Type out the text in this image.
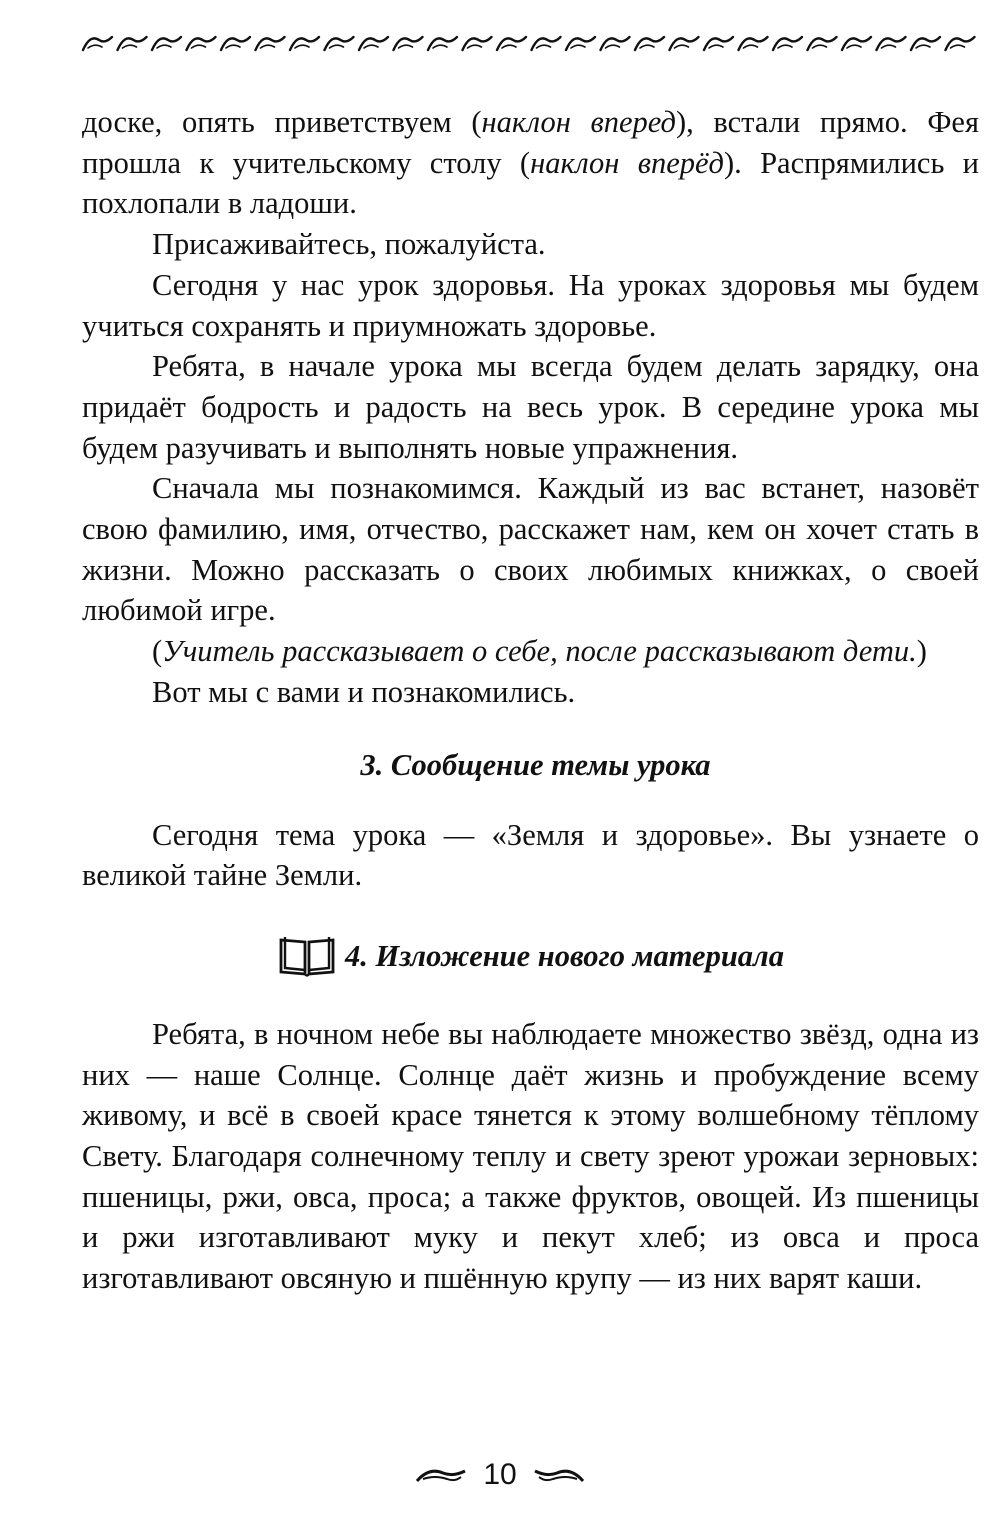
доске, опять приветствуем (наклон вперед), встали прямо. Фея прошла к учительскому столу (наклон вперёд). Распрямились и похлопали в ладоши.

Присаживайтесь, пожалуйста.

Сегодня у нас урок здоровья. На уроках здоровья мы будем учиться сохранять и приумножать здоровье.

Ребята, в начале урока мы всегда будем делать зарядку, она придаёт бодрость и радость на весь урок. В середине урока мы будем разучивать и выполнять новые упражнения.

Сначала мы познакомимся. Каждый из вас встанет, назовёт свою фамилию, имя, отчество, расскажет нам, кем он хочет стать в жизни. Можно рассказать о своих любимых книжках, о своей любимой игре.

(Учитель рассказывает о себе, после рассказывают дети.)

Вот мы с вами и познакомились.

3. Сообщение темы урока

Сегодня тема урока — «Земля и здоровье». Вы узнаете о великой тайне Земли.

4. Изложение нового материала

Ребята, в ночном небе вы наблюдаете множество звёзд, одна из них — наше Солнце. Солнце даёт жизнь и пробуждение всему живому, и всё в своей красе тянется к этому волшебному тёплому Свету. Благодаря солнечному теплу и свету зреют урожаи зерновых: пшеницы, ржи, овса, проса; а также фруктов, овощей. Из пшеницы и ржи изготавливают муку и пекут хлеб; из овса и проса изготавливают овсяную и пшённую крупу — из них варят каши.

10
